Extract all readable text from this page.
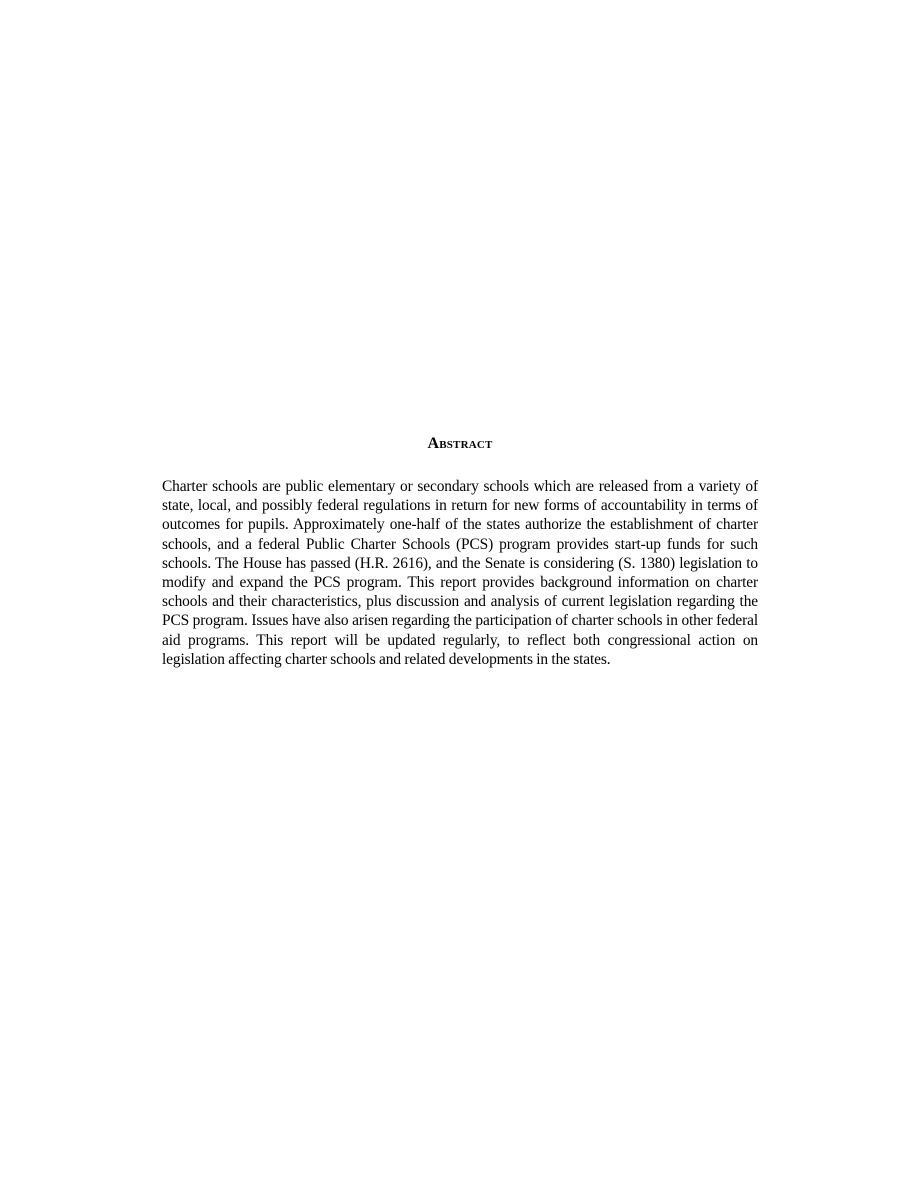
Abstract

Charter schools are public elementary or secondary schools which are released from a variety of state, local, and possibly federal regulations in return for new forms of accountability in terms of outcomes for pupils. Approximately one-half of the states authorize the establishment of charter schools, and a federal Public Charter Schools (PCS) program provides start-up funds for such schools. The House has passed (H.R. 2616), and the Senate is considering (S. 1380) legislation to modify and expand the PCS program. This report provides background information on charter schools and their characteristics, plus discussion and analysis of current legislation regarding the PCS program. Issues have also arisen regarding the participation of charter schools in other federal aid programs. This report will be updated regularly, to reflect both congressional action on legislation affecting charter schools and related developments in the states.
